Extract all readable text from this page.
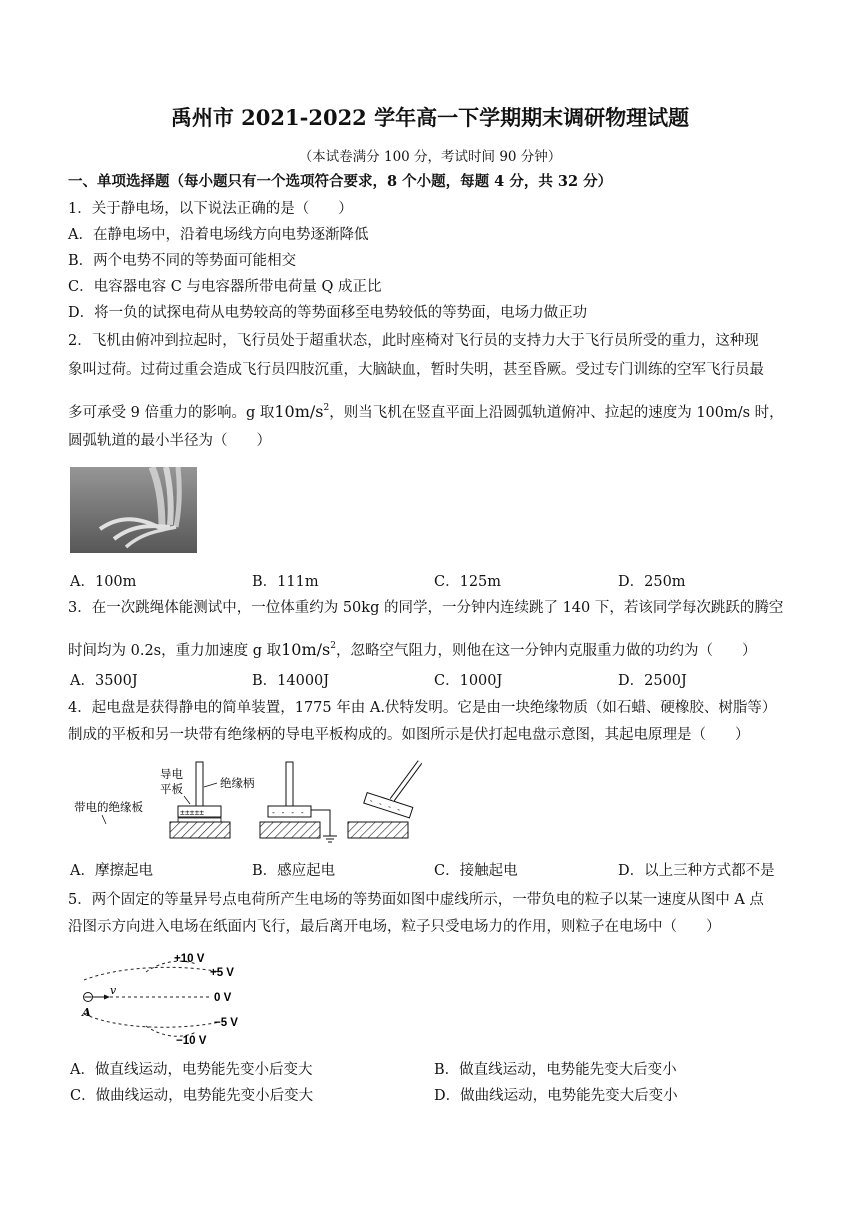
禹州市 2021-2022 学年高一下学期期末调研物理试题
（本试卷满分 100 分，考试时间 90 分钟）
一、单项选择题（每小题只有一个选项符合要求，8 个小题，每题 4 分，共 32 分）
1．关于静电场，以下说法正确的是（　　）
A．在静电场中，沿着电场线方向电势逐渐降低
B．两个电势不同的等势面可能相交
C．电容器电容 C 与电容器所带电荷量 Q 成正比
D．将一负的试探电荷从电势较高的等势面移至电势较低的等势面，电场力做正功
2．飞机由俯冲到拉起时，飞行员处于超重状态，此时座椅对飞行员的支持力大于飞行员所受的重力，这种现
象叫过荷。过荷过重会造成飞行员四肢沉重，大脑缺血，暂时失明，甚至昏厥。受过专门训练的空军飞行员最
多可承受 9 倍重力的影响。g 取$10m/s^2$，则当飞机在竖直平面上沿圆弧轨道俯冲、拉起的速度为 100m/s 时，
圆弧轨道的最小半径为（　　）
A．100m	B．111m	C．125m	D．250m
3．在一次跳绳体能测试中，一位体重约为 50kg 的同学，一分钟内连续跳了 140 下，若该同学每次跳跃的腾空
时间均为 0.2s，重力加速度 g 取$10m/s^2$，忽略空气阻力，则他在这一分钟内克服重力做的功约为（　　）
A．3500J	B．14000J	C．1000J	D．2500J
4．起电盘是获得静电的简单装置，1775 年由 A.伏特发明。它是由一块绝缘物质（如石蜡、硬橡胶、树脂等）
制成的平板和另一块带有绝缘柄的导电平板构成的。如图所示是伏打起电盘示意图，其起电原理是（　　）
导电
平板	绝缘柄
带电的绝缘板	±±±±±	- - - -	- - - -
A．摩擦起电	B．感应起电	C．接触起电	D．以上三种方式都不是
5．两个固定的等量异号点电荷所产生电场的等势面如图中虚线所示，一带负电的粒子以某一速度从图中 A 点
沿图示方向进入电场在纸面内飞行，最后离开电场，粒子只受电场力的作用，则粒子在电场中（　　）
+10 V
+5 V
0 V
−5 V
−10 V
v
A
A．做直线运动，电势能先变小后变大	B．做直线运动，电势能先变大后变小
C．做曲线运动，电势能先变小后变大	D．做曲线运动，电势能先变大后变小
